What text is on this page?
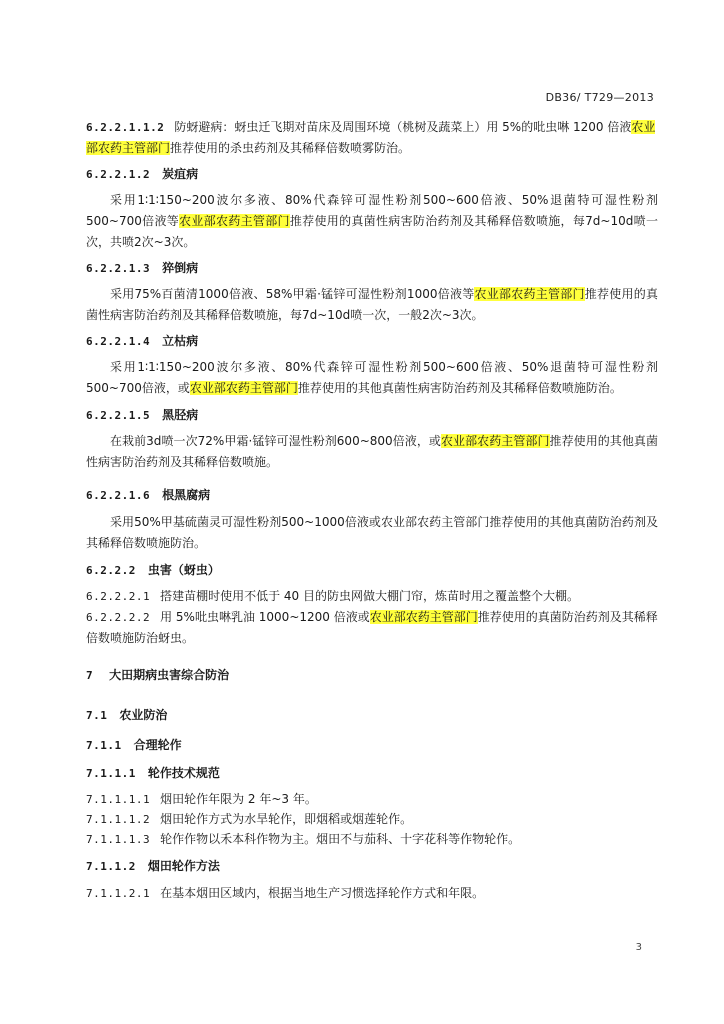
DB36/ T729—2013
6.2.2.1.1.2 防蚜避病：蚜虫迁飞期对苗床及周围环境（桃树及蔬菜上）用 5%的吡虫啉 1200 倍液农业部农药主管部门推荐使用的杀虫药剂及其稀释倍数喷雾防治。
6.2.2.1.2 炭疽病
采用1∶1∶150~200波尔多液、80%代森锌可湿性粉剂500~600倍液、50%退菌特可湿性粉剂500~700倍液等农业部农药主管部门推荐使用的真菌性病害防治药剂及其稀释倍数喷施，每7d~10d喷一次，共喷2次~3次。
6.2.2.1.3 猝倒病
采用75%百菌清1000倍液、58%甲霜·锰锌可湿性粉剂1000倍液等农业部农药主管部门推荐使用的真菌性病害防治药剂及其稀释倍数喷施，每7d~10d喷一次，一般2次~3次。
6.2.2.1.4 立枯病
采用1∶1∶150~200波尔多液、80%代森锌可湿性粉剂500~600倍液、50%退菌特可湿性粉剂500~700倍液，或农业部农药主管部门推荐使用的其他真菌性病害防治药剂及其稀释倍数喷施防治。
6.2.2.1.5 黑胫病
在栽前3d喷一次72%甲霜·锰锌可湿性粉剂600~800倍液，或农业部农药主管部门推荐使用的其他真菌性病害防治药剂及其稀释倍数喷施。
6.2.2.1.6 根黑腐病
采用50%甲基硫菌灵可湿性粉剂500~1000倍液或农业部农药主管部门推荐使用的其他真菌防治药剂及其稀释倍数喷施防治。
6.2.2.2 虫害（蚜虫）
6.2.2.2.1 搭建苗棚时使用不低于 40 目的防虫网做大棚门帘，炼苗时用之覆盖整个大棚。
6.2.2.2.2 用 5%吡虫啉乳油 1000~1200 倍液或农业部农药主管部门推荐使用的真菌防治药剂及其稀释倍数喷施防治蚜虫。
7 大田期病虫害综合防治
7.1 农业防治
7.1.1 合理轮作
7.1.1.1 轮作技术规范
7.1.1.1.1 烟田轮作年限为 2 年~3 年。
7.1.1.1.2 烟田轮作方式为水旱轮作，即烟稻或烟莲轮作。
7.1.1.1.3 轮作作物以禾本科作物为主。烟田不与茄科、十字花科等作物轮作。
7.1.1.2 烟田轮作方法
7.1.1.2.1 在基本烟田区域内，根据当地生产习惯选择轮作方式和年限。
3
